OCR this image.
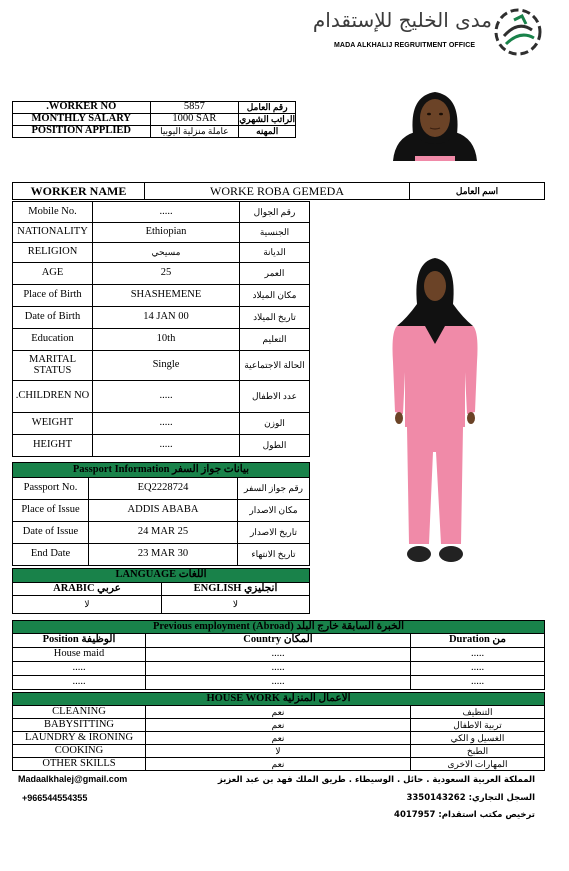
مدى الخليج للإستقدام
MADA ALKHALIJ REGRUITMENT OFFICE
.WORKER NO	5857	رقم العامل
MONTHLY SALARY	1000 SAR	الراتب الشهري
POSITION APPLIED	عاملة منزلية اليوبيا	المهنه
WORKER NAME	WORKE ROBA GEMEDA	اسم العامل
Mobile No.	.....	رقم الجوال
NATIONALITY	Ethiopian	الجنسية
RELIGION	مسيحي	الديانة
AGE	25	العمر
Place of Birth	SHASHEMENE	مكان الميلاد
Date of Birth	14 JAN 00	تاريخ الميلاد
Education	10th	التعليم
MARITAL STATUS	Single	الحالة الاجتماعية
.CHILDREN NO	.....	عدد الاطفال
WEIGHT	.....	الوزن
HEIGHT	.....	الطول
Passport Information بيانات جواز السفر		
Passport No.	EQ2228724	رقم جواز السفر
Place of Issue	ADDIS ABABA	مكان الاصدار
Date of Issue	24 MAR 25	تاريخ الاصدار
End Date	23 MAR 30	تاريخ الانتهاء
LANGUAGE اللغات	
ARABIC عربي	ENGLISH انجليزي
لا	لا
Previous employment (Abroad) الخبرة السابقة خارج البلد		
Position الوظيفة	Country المكان	Duration من
House maid	.....	.....
.....	.....	.....
.....	.....	.....
HOUSE WORK الاعمال المنزلية		
CLEANING	نعم	التنظيف
BABYSITTING	نعم	تربية الاطفال
LAUNDRY & IRONING	نعم	الغسيل و الكي
COOKING	لا	الطبخ
OTHER SKILLS	نعم	المهارات الاخرى
Madaalkhalej@gmail.com
+966544554355
المملكة العربية السعودية . حائل . الوسيطاء . طريق الملك فهد بن عبد العزيز
السجل التجاري: 3350143262
ترخيص مكتب استقدام: 4017957
